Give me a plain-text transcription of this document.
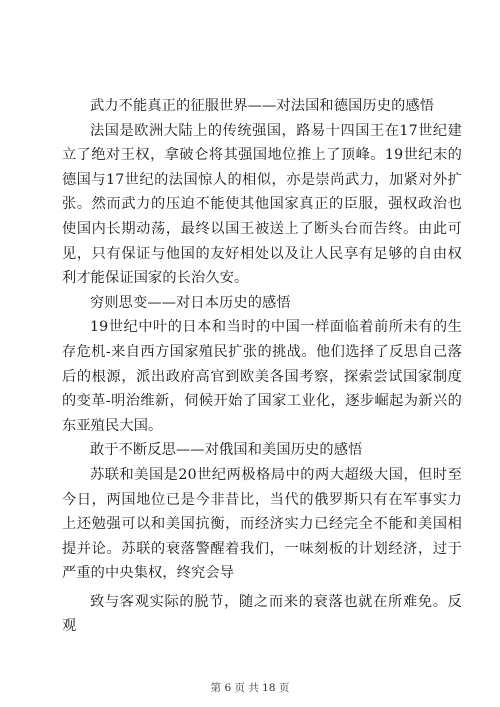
武力不能真正的征服世界——对法国和德国历史的感悟

法国是欧洲大陆上的传统强国，路易十四国王在17世纪建立了绝对王权，拿破仑将其强国地位推上了顶峰。19世纪末的德国与17世纪的法国惊人的相似，亦是崇尚武力，加紧对外扩张。然而武力的压迫不能使其他国家真正的臣服，强权政治也使国内长期动荡，最终以国王被送上了断头台而告终。由此可见，只有保证与他国的友好相处以及让人民享有足够的自由权利才能保证国家的长治久安。

穷则思变——对日本历史的感悟

19世纪中叶的日本和当时的中国一样面临着前所未有的生存危机-来自西方国家殖民扩张的挑战。他们选择了反思自己落后的根源，派出政府高官到欧美各国考察，探索尝试国家制度的变革-明治维新，伺候开始了国家工业化，逐步崛起为新兴的东亚殖民大国。

敢于不断反思——对俄国和美国历史的感悟

苏联和美国是20世纪两极格局中的两大超级大国，但时至今日，两国地位已是今非昔比，当代的俄罗斯只有在军事实力上还勉强可以和美国抗衡，而经济实力已经完全不能和美国相提并论。苏联的衰落警醒着我们，一味刻板的计划经济，过于严重的中央集权，终究会导

致与客观实际的脱节，随之而来的衰落也就在所难免。反观

第 6 页 共 18 页
